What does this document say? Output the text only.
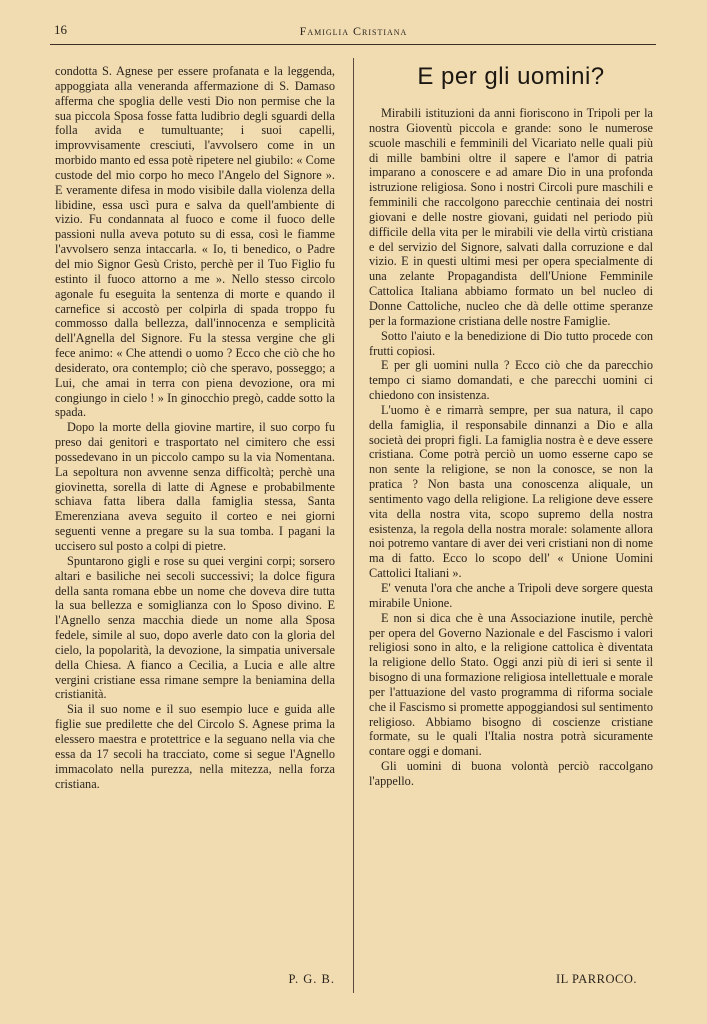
16	Famiglia Cristiana

condotta S. Agnese per essere profanata e la leggenda, appoggiata alla veneranda affermazione di S. Damaso afferma che spoglia delle vesti Dio non permise che la sua piccola Sposa fosse fatta ludibrio degli sguardi della folla avida e tumultuante; i suoi capelli, improvvisamente cresciuti, l'avvolsero come in un morbido manto ed essa potè ripetere nel giubilo: « Come custode del mio corpo ho meco l'Angelo del Signore ». E veramente difesa in modo visibile dalla violenza della libidine, essa uscì pura e salva da quell'ambiente di vizio. Fu condannata al fuoco e come il fuoco delle passioni nulla aveva potuto su di essa, così le fiamme l'avvolsero senza intaccarla. « Io, ti benedico, o Padre del mio Signor Gesù Cristo, perchè per il Tuo Figlio fu estinto il fuoco attorno a me ». Nello stesso circolo agonale fu eseguita la sentenza di morte e quando il carnefice si accostò per colpirla di spada troppo fu commosso dalla bellezza, dall'innocenza e semplicità dell'Agnella del Signore. Fu la stessa vergine che gli fece animo: « Che attendi o uomo ? Ecco che ciò che ho desiderato, ora contemplo; ciò che speravo, posseggo; a Lui, che amai in terra con piena devozione, ora mi congiungo in cielo ! » In ginocchio pregò, cadde sotto la spada.

Dopo la morte della giovine martire, il suo corpo fu preso dai genitori e trasportato nel cimitero che essi possedevano in un piccolo campo su la via Nomentana. La sepoltura non avvenne senza difficoltà; perchè una giovinetta, sorella di latte di Agnese e probabilmente schiava fatta libera dalla famiglia stessa, Santa Emerenziana aveva seguito il corteo e nei giorni seguenti venne a pregare su la sua tomba. I pagani la uccisero sul posto a colpi di pietre.

Spuntarono gigli e rose su quei vergini corpi; sorsero altari e basiliche nei secoli successivi; la dolce figura della santa romana ebbe un nome che doveva dire tutta la sua bellezza e somiglianza con lo Sposo divino. E l'Agnello senza macchia diede un nome alla Sposa fedele, simile al suo, dopo averle dato con la gloria del cielo, la popolarità, la devozione, la simpatia universale della Chiesa. A fianco a Cecilia, a Lucia e alle altre vergini cristiane essa rimane sempre la beniamina della cristianità.

Sia il suo nome e il suo esempio luce e guida alle figlie sue predilette che del Circolo S. Agnese prima la elessero maestra e protettrice e la seguano nella via che essa da 17 secoli ha tracciato, come si segue l'Agnello immacolato nella purezza, nella mitezza, nella forza cristiana.

P. G. B.
E per gli uomini?

Mirabili istituzioni da anni fioriscono in Tripoli per la nostra Gioventù piccola e grande: sono le numerose scuole maschili e femminili del Vicariato nelle quali più di mille bambini oltre il sapere e l'amor di patria imparano a conoscere e ad amare Dio in una profonda istruzione religiosa. Sono i nostri Circoli pure maschili e femminili che raccolgono parecchie centinaia dei nostri giovani e delle nostre giovani, guidati nel periodo più difficile della vita per le mirabili vie della virtù cristiana e del servizio del Signore, salvati dalla corruzione e dal vizio. E in questi ultimi mesi per opera specialmente di una zelante Propagandista dell'Unione Femminile Cattolica Italiana abbiamo formato un bel nucleo di Donne Cattoliche, nucleo che dà delle ottime speranze per la formazione cristiana delle nostre Famiglie.

Sotto l'aiuto e la benedizione di Dio tutto procede con frutti copiosi.

E per gli uomini nulla ? Ecco ciò che da parecchio tempo ci siamo domandati, e che parecchi uomini ci chiedono con insistenza.

L'uomo è e rimarrà sempre, per sua natura, il capo della famiglia, il responsabile dinnanzi a Dio e alla società dei propri figli. La famiglia nostra è e deve essere cristiana. Come potrà perciò un uomo esserne capo se non sente la religione, se non la conosce, se non la pratica ? Non basta una conoscenza aliquale, un sentimento vago della religione. La religione deve essere vita della nostra vita, scopo supremo della nostra esistenza, la regola della nostra morale: solamente allora noi potremo vantare di aver dei veri cristiani non di nome ma di fatto. Ecco lo scopo dell' « Unione Uomini Cattolici Italiani ».

E' venuta l'ora che anche a Tripoli deve sorgere questa mirabile Unione.

E non si dica che è una Associazione inutile, perchè per opera del Governo Nazionale e del Fascismo i valori religiosi sono in alto, e la religione cattolica è diventata la religione dello Stato. Oggi anzi più di ieri si sente il bisogno di una formazione religiosa intellettuale e morale per l'attuazione del vasto programma di riforma sociale che il Fascismo si promette appoggiandosi sul sentimento religioso. Abbiamo bisogno di coscienze cristiane formate, su le quali l'Italia nostra potrà sicuramente contare oggi e domani.

Gli uomini di buona volontà perciò raccolgano l'appello.

IL PARROCO.
